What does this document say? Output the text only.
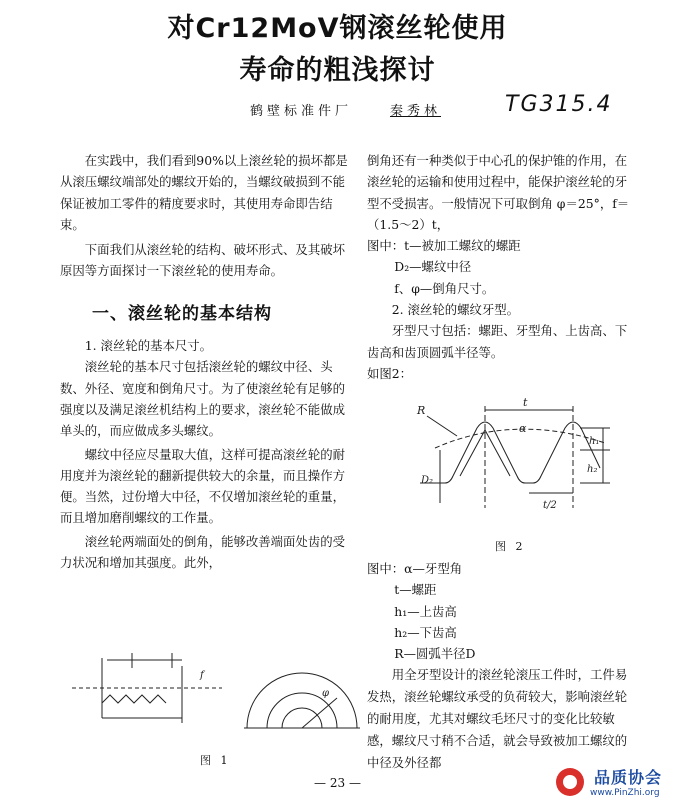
对Cr12MoV钢滚丝轮使用
寿命的粗浅探讨
鹤壁标准件厂	秦秀林	TG315.4

在实践中，我们看到90%以上滚丝轮的损坏都是从滚压螺纹端部处的螺纹开始的，当螺纹破损到不能保证被加工零件的精度要求时，其使用寿命即告结束。

下面我们从滚丝轮的结构、破坏形式、及其破坏原因等方面探讨一下滚丝轮的使用寿命。

一、滚丝轮的基本结构

1. 滚丝轮的基本尺寸。

滚丝轮的基本尺寸包括滚丝轮的螺纹中径、头数、外径、宽度和倒角尺寸。为了使滚丝轮有足够的强度以及满足滚丝机结构上的要求，滚丝轮不能做成单头的，而应做成多头螺纹。

螺纹中径应尽量取大值，这样可提高滚丝轮的耐用度并为滚丝轮的翻新提供较大的余量，而且操作方便。当然，过份增大中径，不仅增加滚丝轮的重量，而且增加磨削螺纹的工作量。

滚丝轮两端面处的倒角，能够改善端面处齿的受力状况和增加其强度。此外，

φ
f
图 1

倒角还有一种类似于中心孔的保护锥的作用，在滚丝轮的运输和使用过程中，能保护滚丝轮的牙型不受损害。一般情况下可取倒角 φ＝25°，f＝（1.5～2）t，

图中：t—被加工螺纹的螺距

D₂—螺纹中径

f、φ—倒角尺寸。

2. 滚丝轮的螺纹牙型。

牙型尺寸包括：螺距、牙型角、上齿高、下齿高和齿顶圆弧半径等。

如图2：

R
t
α
h₁
h₂
D₂
t/2
图 2

图中：α—牙型角

t—螺距

h₁—上齿高

h₂—下齿高

R—圆弧半径D

用全牙型设计的滚丝轮滚压工件时，工件易发热，滚丝轮螺纹承受的负荷较大，影响滚丝轮的耐用度，尤其对螺纹毛坯尺寸的变化比较敏感，螺纹尺寸稍不合适，就会导致被加工螺纹的中径及外径都

— 23 —	品质协会
www.PinZhi.org
